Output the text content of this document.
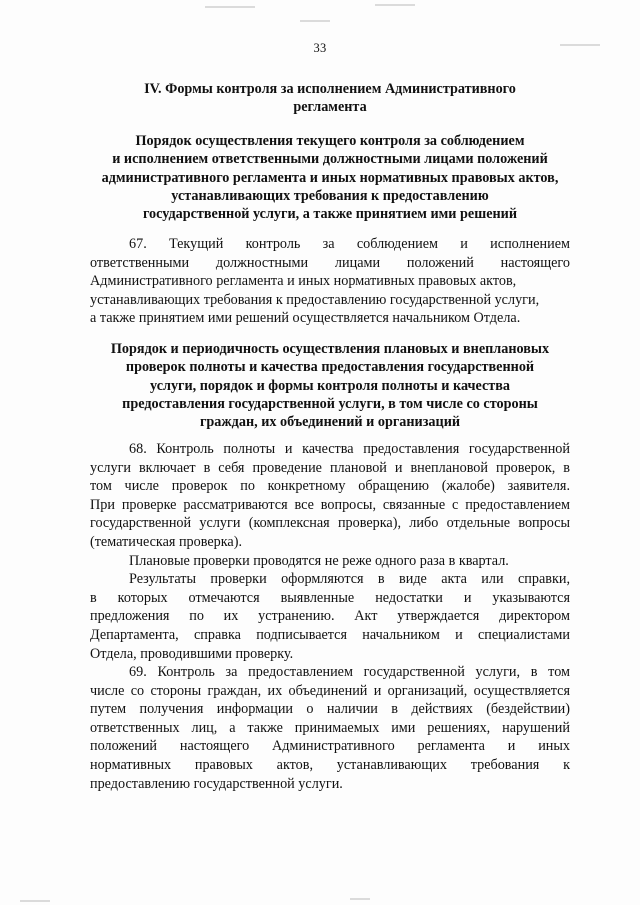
33
IV. Формы контроля за исполнением Административного
регламента
Порядок осуществления текущего контроля за соблюдением
и исполнением ответственными должностными лицами положений
административного регламента и иных нормативных правовых актов,
устанавливающих требования к предоставлению
государственной услуги, а также принятием ими решений
67. Текущий контроль за соблюдением и исполнением
ответственными должностными лицами положений настоящего
Административного регламента и иных нормативных правовых актов,
устанавливающих требования к предоставлению государственной услуги,
а также принятием ими решений осуществляется начальником Отдела.
Порядок и периодичность осуществления плановых и внеплановых
проверок полноты и качества предоставления государственной
услуги, порядок и формы контроля полноты и качества
предоставления государственной услуги, в том числе со стороны
граждан, их объединений и организаций
68. Контроль полноты и качества предоставления государственной
услуги включает в себя проведение плановой и внеплановой проверок, в
том числе проверок по конкретному обращению (жалобе) заявителя.
При проверке рассматриваются все вопросы, связанные с предоставлением
государственной услуги (комплексная проверка), либо отдельные вопросы
(тематическая проверка).
Плановые проверки проводятся не реже одного раза в квартал.
Результаты проверки оформляются в виде акта или справки,
в которых отмечаются выявленные недостатки и указываются
предложения по их устранению. Акт утверждается директором
Департамента, справка подписывается начальником и специалистами
Отдела, проводившими проверку.
69. Контроль за предоставлением государственной услуги, в том
числе со стороны граждан, их объединений и организаций, осуществляется
путем получения информации о наличии в действиях (бездействии)
ответственных лиц, а также принимаемых ими решениях, нарушений
положений настоящего Административного регламента и иных
нормативных правовых актов, устанавливающих требования к
предоставлению государственной услуги.
